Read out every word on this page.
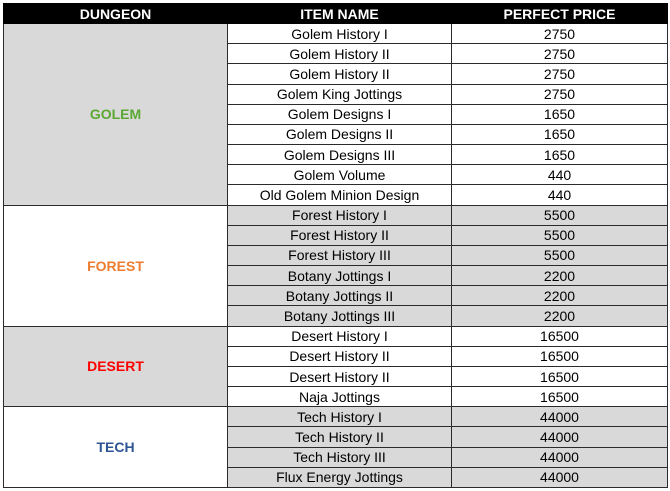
DUNGEON	ITEM NAME	PERFECT PRICE
GOLEM	Golem History I	2750
	Golem History II	2750
	Golem History II	2750
	Golem King Jottings	2750
	Golem Designs I	1650
	Golem Designs II	1650
	Golem Designs III	1650
	Golem Volume	440
	Old Golem Minion Design	440
FOREST	Forest History I	5500
	Forest History II	5500
	Forest History III	5500
	Botany Jottings I	2200
	Botany Jottings II	2200
	Botany Jottings III	2200
DESERT	Desert History I	16500
	Desert History II	16500
	Desert History II	16500
	Naja Jottings	16500
TECH	Tech History I	44000
	Tech History II	44000
	Tech History III	44000
	Flux Energy Jottings	44000
